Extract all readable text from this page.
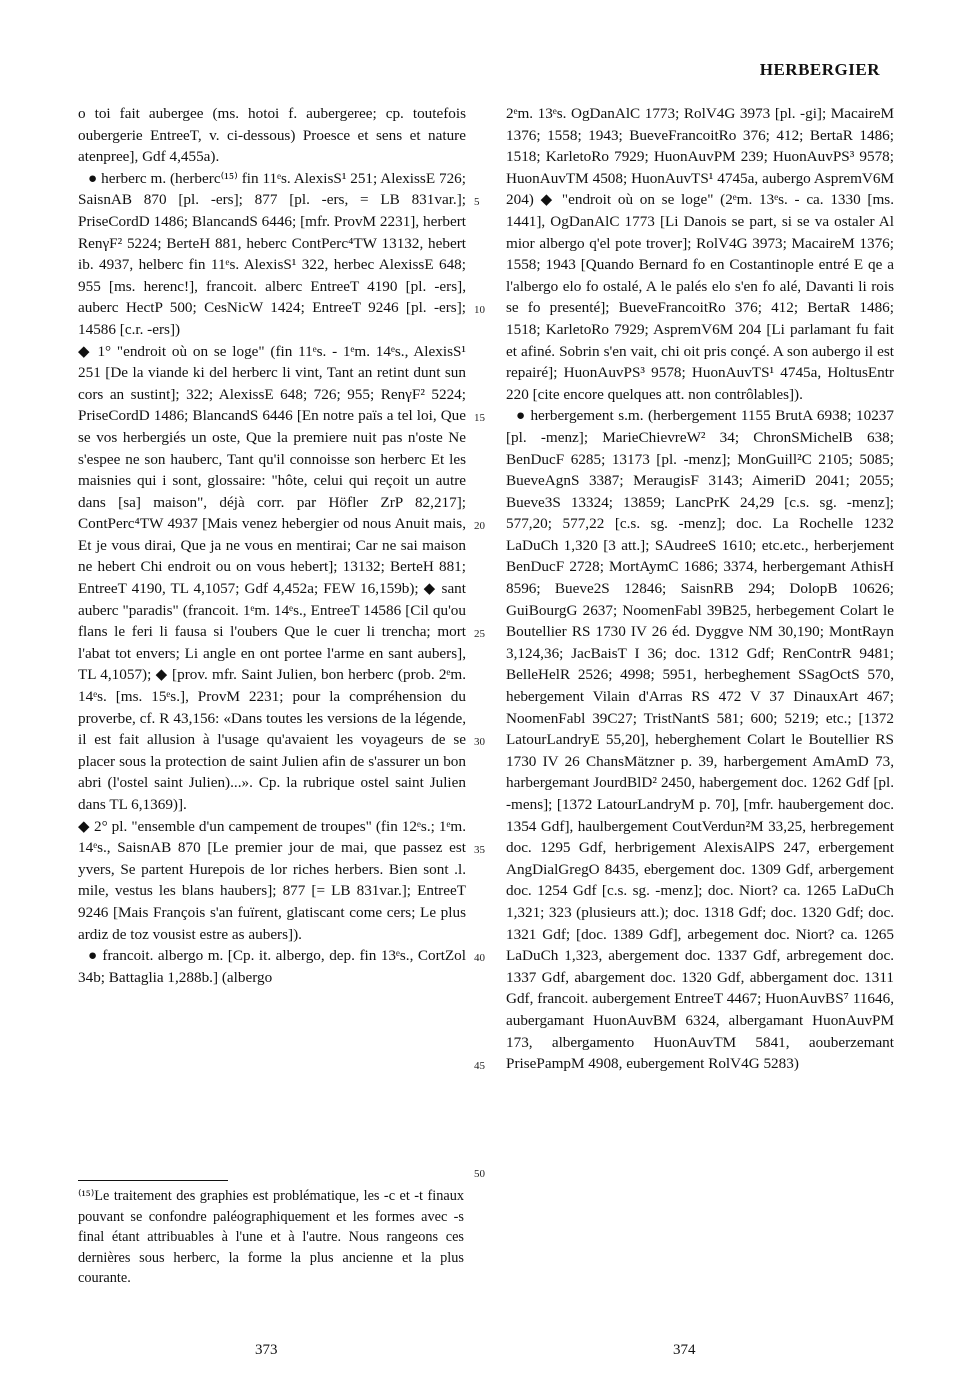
HERBERGIER

o toi fait aubergee (ms. hotoi f. aubergeree; cp. toutefois oubergerie EntreeT, v. ci-dessous) Proesce et sens et nature atenpree], Gdf 4,455a).

● herberc m. (herberc⁽¹⁵⁾ fin 11ᵉs. AlexisS¹ 251; AlexissE 726; SaisnAB 870 [pl. -ers]; 877 [pl. -ers, = LB 831var.]; PriseCordD 1486; BlancandS 6446; [mfr. ProvM 2231], herbert RenγF² 5224; BerteH 881, heberc ContPerc⁴TW 13132, hebert ib. 4937, helberc fin 11ᵉs. AlexisS¹ 322, herbec AlexissE 648; 955 [ms. herenc!], francoit. alberc EntreeT 4190 [pl. -ers], auberc HectP 500; CesNicW 1424; EntreeT 9246 [pl. -ers]; 14586 [c.r. -ers])

◆ 1° "endroit où on se loge" (fin 11ᵉs. - 1ᵉm. 14ᵉs., AlexisS¹ 251 [De la viande ki del herberc li vint, Tant an retint dunt sun cors an sustint]; 322; AlexissE 648; 726; 955; RenγF² 5224; PriseCordD 1486; BlancandS 6446 [En notre païs a tel loi, Que se vos herbergiés un oste, Que la premiere nuit pas n'oste Ne s'espee ne son hauberc, Tant qu'il connoisse son herberc Et les maisnies qui i sont, glossaire: "hôte, celui qui reçoit un autre dans [sa] maison", déjà corr. par Höfler ZrP 82,217]; ContPerc⁴TW 4937 [Mais venez hebergier od nous Anuit mais, Et je vous dirai, Que ja ne vous en mentirai; Car ne sai maison ne hebert Chi endroit ou on vous hebert]; 13132; BerteH 881; EntreeT 4190, TL 4,1057; Gdf 4,452a; FEW 16,159b); ◆ sant auberc "paradis" (francoit. 1ᵉm. 14ᵉs., EntreeT 14586 [Cil qu'ou flans le feri li fausa si l'oubers Que le cuer li trencha; mort l'abat tot envers; Li angle en ont portee l'arme en sant aubers], TL 4,1057); ◆ [prov. mfr. Saint Julien, bon herberc (prob. 2ᵉm. 14ᵉs. [ms. 15ᵉs.], ProvM 2231; pour la compréhension du proverbe, cf. R 43,156: «Dans toutes les versions de la légende, il est fait allusion à l'usage qu'avaient les voyageurs de se placer sous la protection de saint Julien afin de s'assurer un bon abri (l'ostel saint Julien)...». Cp. la rubrique ostel saint Julien dans TL 6,1369)].

◆ 2° pl. "ensemble d'un campement de troupes" (fin 12ᵉs.; 1ᵉm. 14ᵉs., SaisnAB 870 [Le premier jour de mai, que passez est yvers, Se partent Hurepois de lor riches herbers. Bien sont .l. mile, vestus les blans haubers]; 877 [= LB 831var.]; EntreeT 9246 [Mais François s'an fuïrent, glatiscant come cers; Le plus ardiz de toz vousist estre as aubers]).

● francoit. albergo m. [Cp. it. albergo, dep. fin 13ᵉs., CortZol 34b; Battaglia 1,288b.] (albergo

2ᵉm. 13ᵉs. OgDanAlC 1773; RolV4G 3973 [pl. -gi]; MacaireM 1376; 1558; 1943; BueveFrancoitRo 376; 412; BertaR 1486; 1518; KarletoRo 7929; HuonAuvPM 239; HuonAuvPS³ 9578; HuonAuvTM 4508; HuonAuvTS¹ 4745a, aubergo AspremV6M 204) ◆ "endroit où on se loge" (2ᵉm. 13ᵉs. - ca. 1330 [ms. 1441], OgDanAlC 1773 [Li Danois se part, si se va ostaler Al mior albergo q'el pote trover]; RolV4G 3973; MacaireM 1376; 1558; 1943 [Quando Bernard fo en Costantinople entré E qe a l'albergo elo fo ostalé, A le palés elo s'en fo alé, Davanti li rois se fo presenté]; BueveFrancoitRo 376; 412; BertaR 1486; 1518; KarletoRo 7929; AspremV6M 204 [Li parlamant fu fait et afiné. Sobrin s'en vait, chi oit pris conçé. A son aubergo il est repairé]; HuonAuvPS³ 9578; HuonAuvTS¹ 4745a, HoltusEntr 220 [cite encore quelques att. non contrôlables]).

● herbergement s.m. (herbergement 1155 BrutA 6938; 10237 [pl. -menz]; MarieChievreW² 34; ChronSMichelB 638; BenDucF 6285; 13173 [pl. -menz]; MonGuill²C 2105; 5085; BueveAgnS 3387; MeraugisF 3143; AimeriD 2041; 2055; Bueve3S 13324; 13859; LancPrK 24,29 [c.s. sg. -menz]; 577,20; 577,22 [c.s. sg. -menz]; doc. La Rochelle 1232 LaDuCh 1,320 [3 att.]; SAudreeS 1610; etc.etc., herberjement BenDucF 2728; MortAymC 1686; 3374, herbergemant AthisH 8596; Bueve2S 12846; SaisnRB 294; DolopB 10626; GuiBourgG 2637; NoomenFabl 39B25, herbegement Colart le Boutellier RS 1730 IV 26 éd. Dyggve NM 30,190; MontRayn 3,124,36; JacBaisT I 36; doc. 1312 Gdf; RenContrR 9481; BelleHelR 2526; 4998; 5951, herbeghement SSagOctS 570, hebergement Vilain d'Arras RS 472 V 37 DinauxArt 467; NoomenFabl 39C27; TristNantS 581; 600; 5219; etc.; [1372 LatourLandryE 55,20], heberghement Colart le Boutellier RS 1730 IV 26 ChansMätzner p. 39, harbergement AmAmD 73, harbergemant JourdBlD² 2450, habergement doc. 1262 Gdf [pl. -mens]; [1372 LatourLandryM p. 70], [mfr. haubergement doc. 1354 Gdf], haulbergement CoutVerdun²M 33,25, herbregement doc. 1295 Gdf, herbrigement AlexisAlPS 247, erbergement AngDialGregO 8435, ebergement doc. 1309 Gdf, arbergement doc. 1254 Gdf [c.s. sg. -menz]; doc. Niort? ca. 1265 LaDuCh 1,321; 323 (plusieurs att.); doc. 1318 Gdf; doc. 1320 Gdf; doc. 1321 Gdf; [doc. 1389 Gdf], arbegement doc. Niort? ca. 1265 LaDuCh 1,323, abergement doc. 1337 Gdf, arbregement doc. 1337 Gdf, abargement doc. 1320 Gdf, abbergament doc. 1311 Gdf, francoit. aubergement EntreeT 4467; HuonAuvBS⁷ 11646, aubergamant HuonAuvBM 6324, albergamant HuonAuvPM 173, albergamento HuonAuvTM 5841, aouberzemant PrisePampM 4908, eubergement RolV4G 5283)

5
10
15
20
25
30
35
40
45
50
⁽¹⁵⁾Le traitement des graphies est problématique, les -c et -t finaux pouvant se confondre paléographiquement et les formes avec -s final étant attribuables à l'une et à l'autre. Nous rangeons ces dernières sous herberc, la forme la plus ancienne et la plus courante.
373	374
